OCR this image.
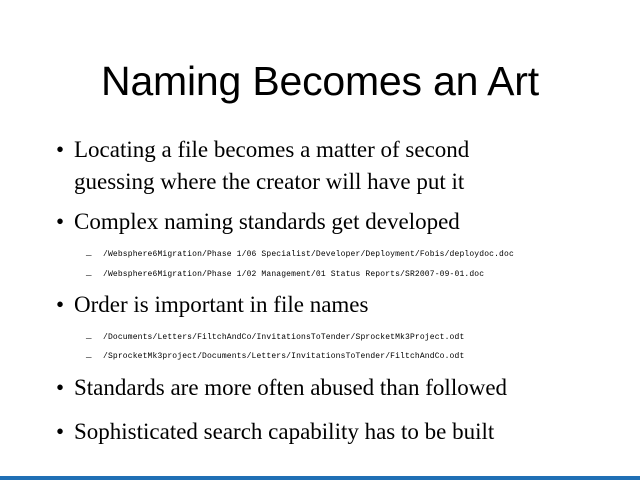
Naming Becomes an Art
• Locating a file becomes a matter of second
guessing where the creator will have put it
• Complex naming standards get developed
– /Websphere6Migration/Phase 1/06 Specialist/Developer/Deployment/Fobis/deploydoc.doc
– /Websphere6Migration/Phase 1/02 Management/01 Status Reports/SR2007-09-01.doc
• Order is important in file names
– /Documents/Letters/FiltchAndCo/InvitationsToTender/SprocketMk3Project.odt
– /SprocketMk3project/Documents/Letters/InvitationsToTender/FiltchAndCo.odt
• Standards are more often abused than followed
• Sophisticated search capability has to be built
